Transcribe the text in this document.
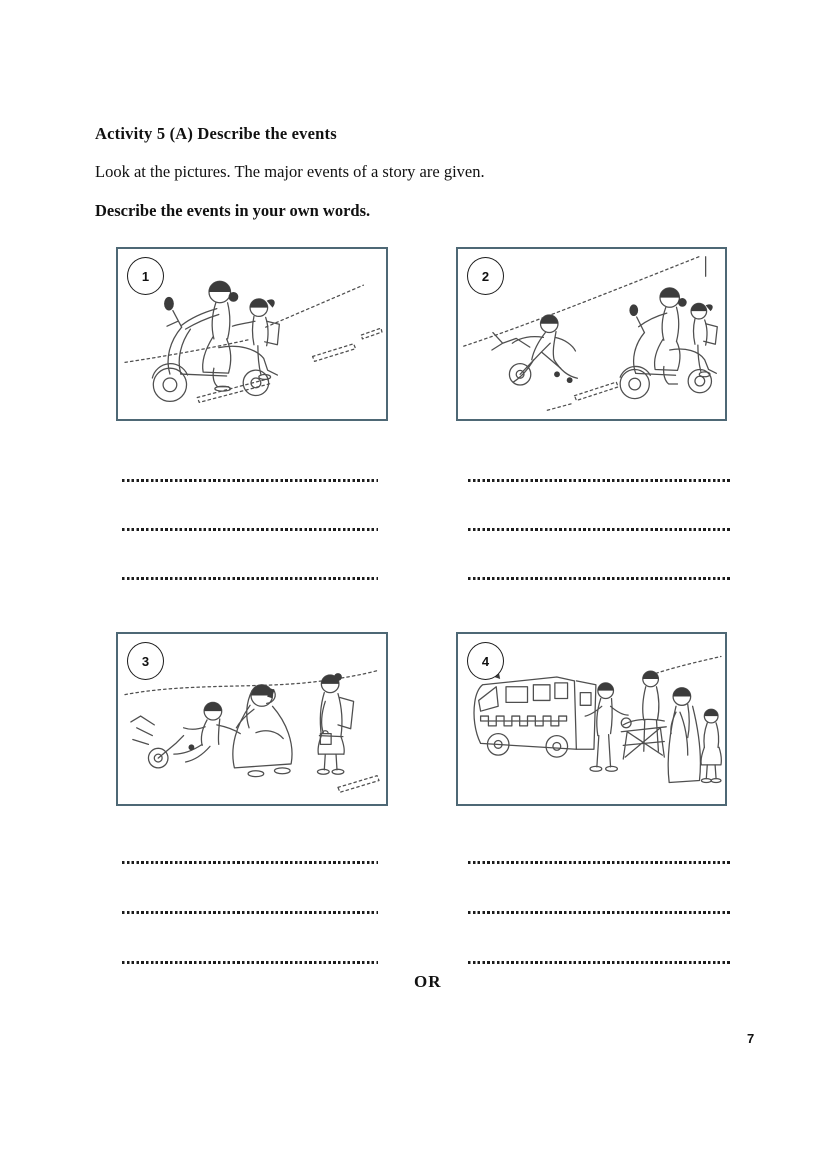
Activity 5 (A) Describe the events
Look at the pictures. The major events of a story are given.
Describe the events in your own words.
1	2
3	4
OR
7
